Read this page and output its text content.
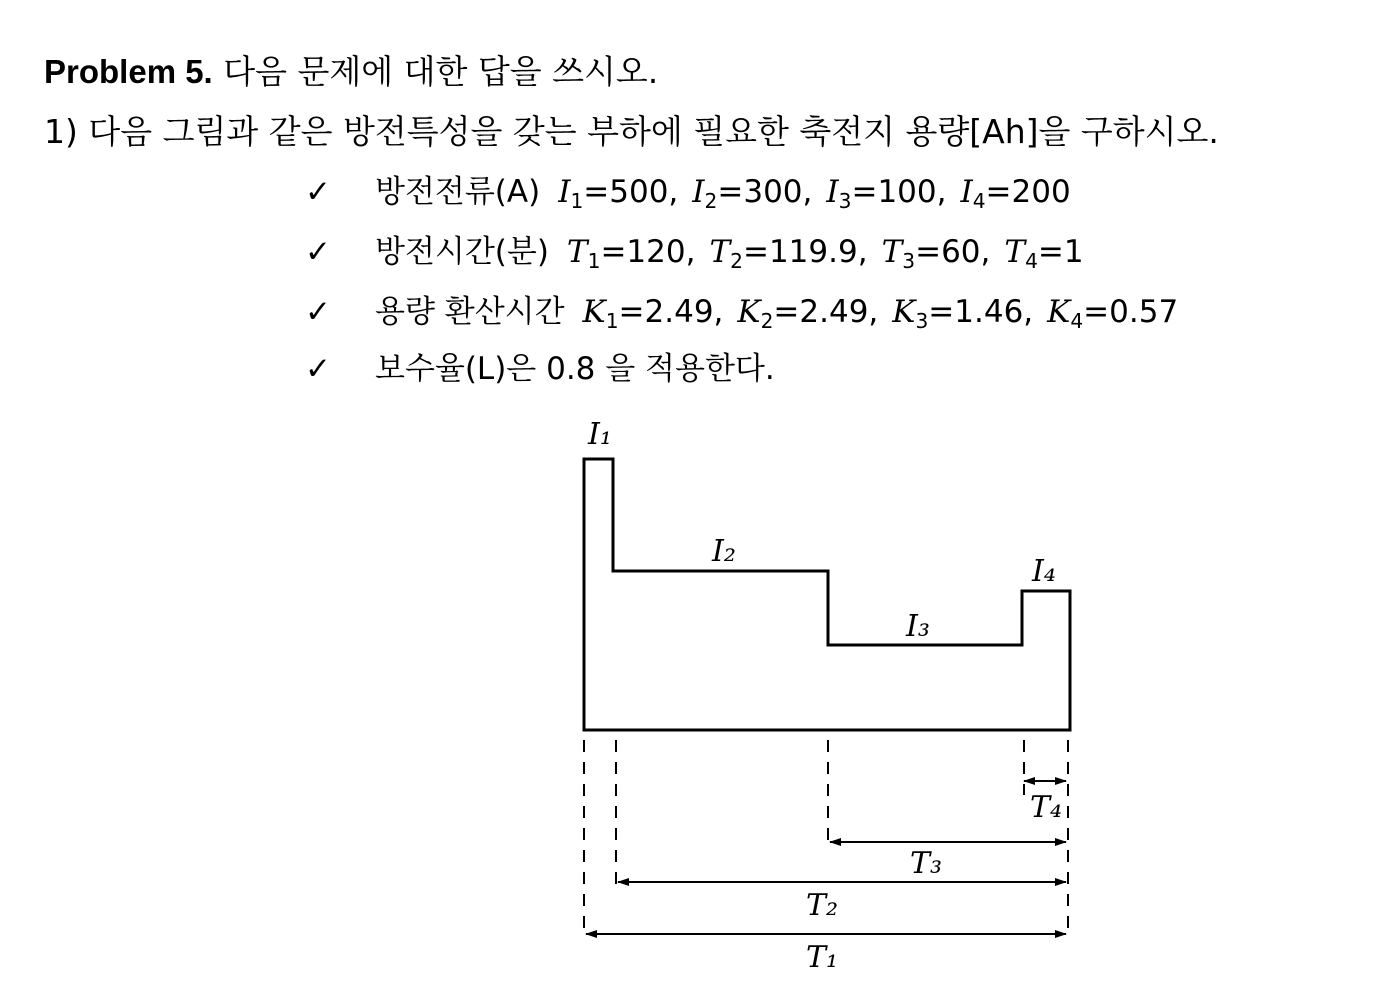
Problem 5. 다음 문제에 대한 답을 쓰시오.
1) 다음 그림과 같은 방전특성을 갖는 부하에 필요한 축전지 용량[Ah]을 구하시오.
✓ 방전전류(A) $I_1=500$, $I_2=300$, $I_3=100$, $I_4=200$
✓ 방전시간(분) $T_1=120$, $T_2=119.9$, $T_3=60$, $T_4=1$
✓ 용량 환산시간 $K_1=2.49$, $K_2=2.49$, $K_3=1.46$, $K_4=0.57$
✓ 보수율(L)은 0.8 을 적용한다.
I₁
I₂
I₃
I₄
T₄
T₃
T₂
T₁
